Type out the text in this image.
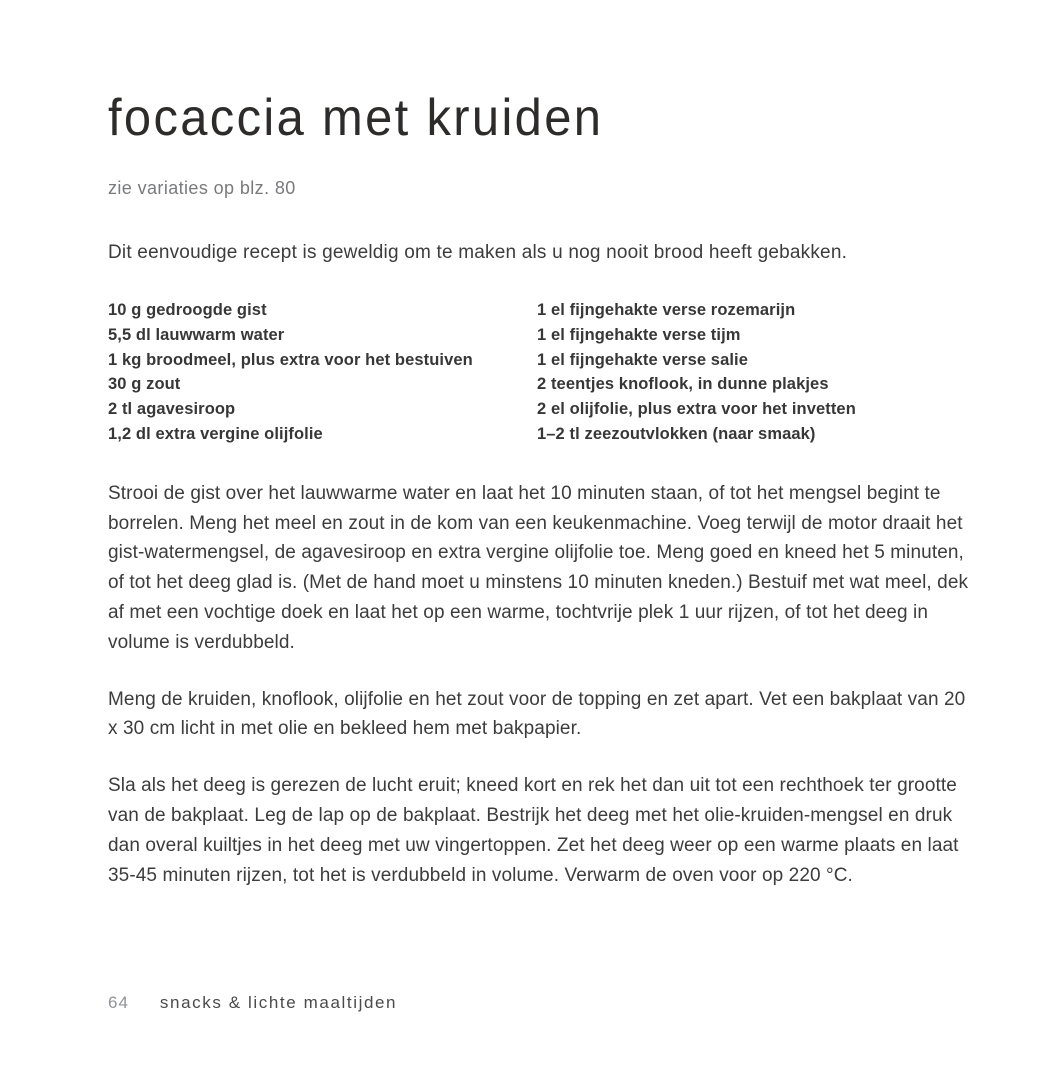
focaccia met kruiden
zie variaties op blz. 80
Dit eenvoudige recept is geweldig om te maken als u nog nooit brood heeft gebakken.
10 g gedroogde gist
5,5 dl lauwwarm water
1 kg broodmeel, plus extra voor het bestuiven
30 g zout
2 tl agavesiroop
1,2 dl extra vergine olijfolie
1 el fijngehakte verse rozemarijn
1 el fijngehakte verse tijm
1 el fijngehakte verse salie
2 teentjes knoflook, in dunne plakjes
2 el olijfolie, plus extra voor het invetten
1–2 tl zeezoutvlokken (naar smaak)

Strooi de gist over het lauwwarme water en laat het 10 minuten staan, of tot het mengsel begint te borrelen. Meng het meel en zout in de kom van een keukenmachine. Voeg terwijl de motor draait het gist-watermengsel, de agavesiroop en extra vergine olijfolie toe. Meng goed en kneed het 5 minuten, of tot het deeg glad is. (Met de hand moet u minstens 10 minuten kneden.) Bestuif met wat meel, dek af met een vochtige doek en laat het op een warme, tochtvrije plek 1 uur rijzen, of tot het deeg in volume is verdubbeld.

Meng de kruiden, knoflook, olijfolie en het zout voor de topping en zet apart. Vet een bakplaat van 20 x 30 cm licht in met olie en bekleed hem met bakpapier.

Sla als het deeg is gerezen de lucht eruit; kneed kort en rek het dan uit tot een rechthoek ter grootte van de bakplaat. Leg de lap op de bakplaat. Bestrijk het deeg met het olie-kruiden-mengsel en druk dan overal kuiltjes in het deeg met uw vingertoppen. Zet het deeg weer op een warme plaats en laat 35-45 minuten rijzen, tot het is verdubbeld in volume. Verwarm de oven voor op 220 °C.

64 snacks & lichte maaltijden
